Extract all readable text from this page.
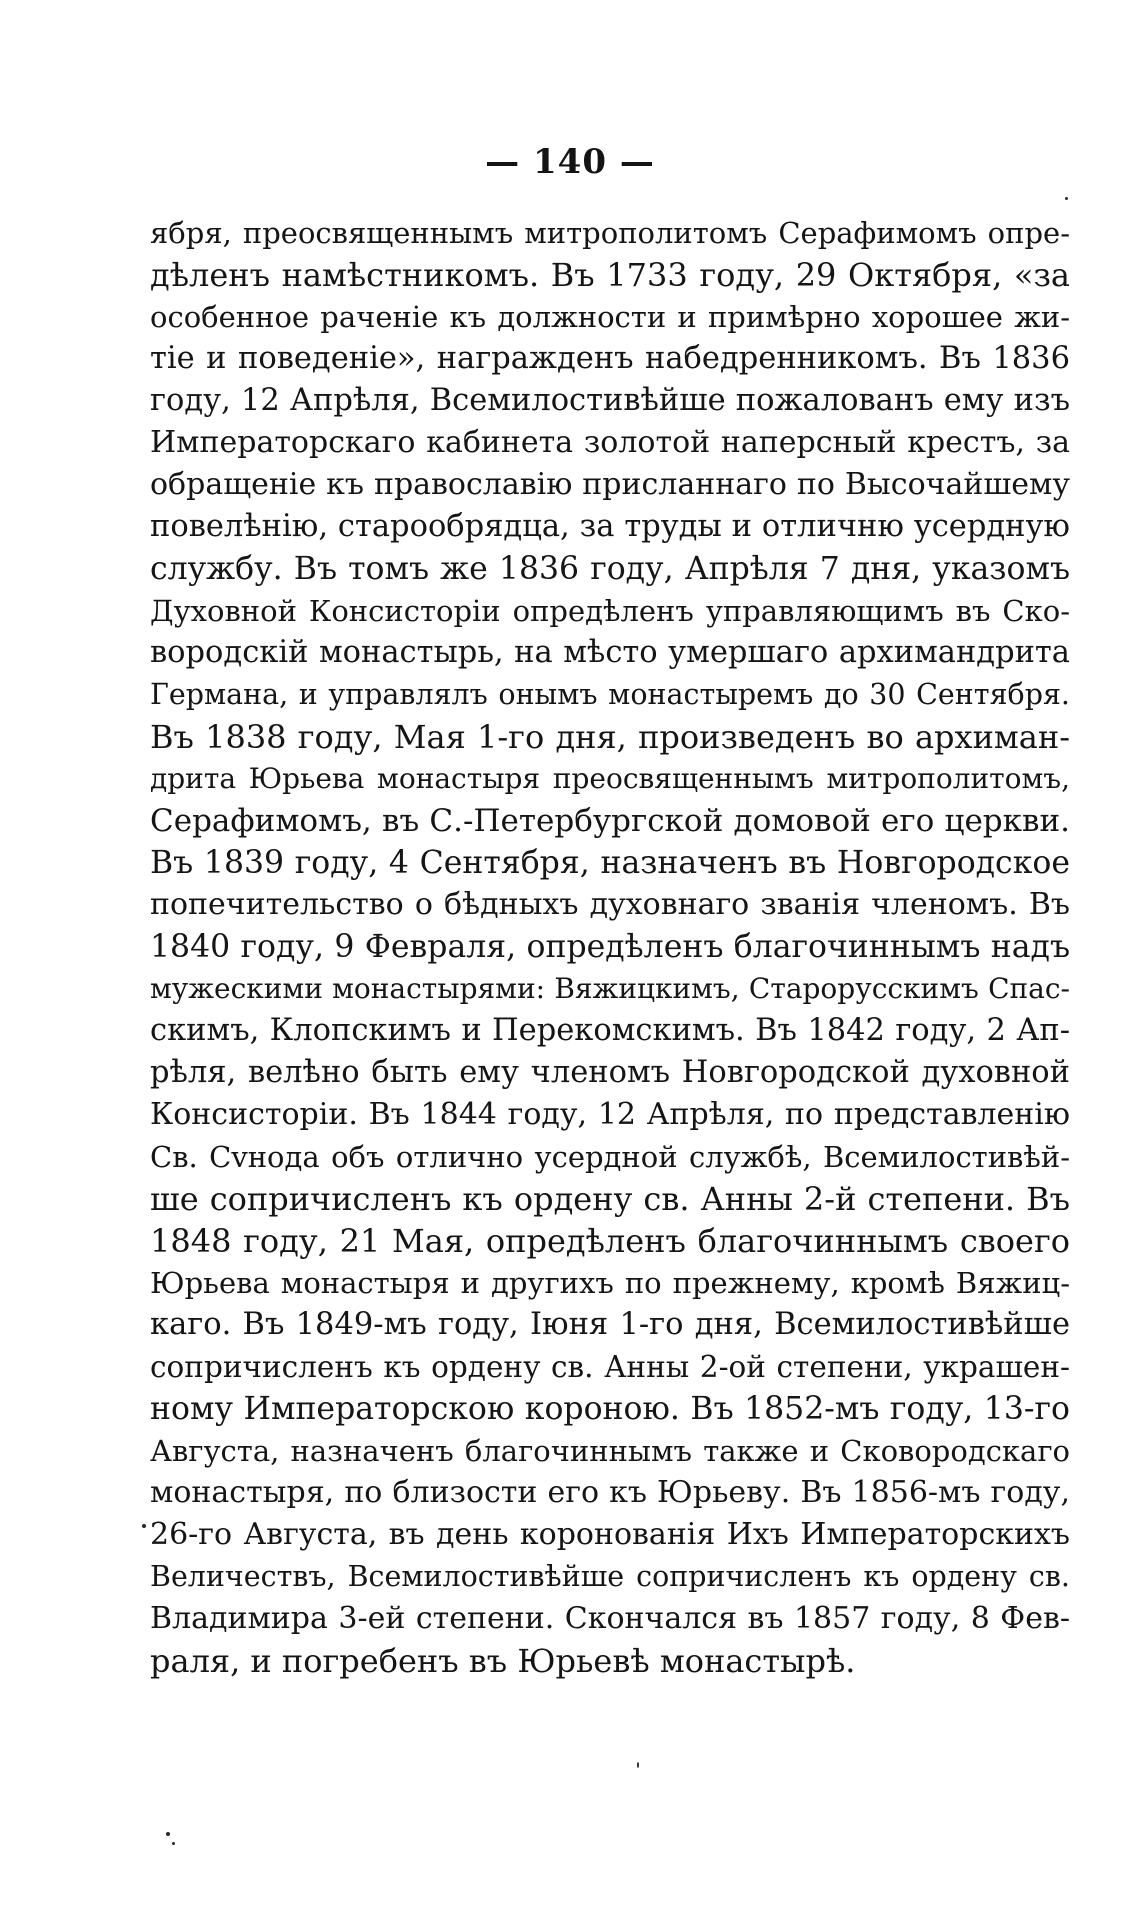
— 140 —
ября, преосвященнымъ митрополитомъ Серафимомъ опре-
дѣленъ намѣстникомъ. Въ 1733 году, 29 Октября, «за
особенное раченіе къ должности и примѣрно хорошее жи-
тіе и поведеніе», награжденъ набедренникомъ. Въ 1836
году, 12 Апрѣля, Всемилостивѣйше пожалованъ ему изъ
Императорскаго кабинета золотой наперсный крестъ, за
обращеніе къ православію присланнаго по Высочайшему
повелѣнію, старообрядца, за труды и отличню усердную
службу. Въ томъ же 1836 году, Апрѣля 7 дня, указомъ
Духовной Консисторіи опредѣленъ управляющимъ въ Ско-
вородскій монастырь, на мѣсто умершаго архимандрита
Германа, и управлялъ онымъ монастыремъ до 30 Сентября.
Въ 1838 году, Мая 1-го дня, произведенъ во архиман-
дрита Юрьева монастыря преосвященнымъ митрополитомъ,
Серафимомъ, въ С.-Петербургской домовой его церкви.
Въ 1839 году, 4 Сентября, назначенъ въ Новгородское
попечительство о бѣдныхъ духовнаго званія членомъ. Въ
1840 году, 9 Февраля, опредѣленъ благочиннымъ надъ
мужескими монастырями: Вяжицкимъ, Старорусскимъ Спас-
скимъ, Клопскимъ и Перекомскимъ. Въ 1842 году, 2 Ап-
рѣля, велѣно быть ему членомъ Новгородской духовной
Консисторіи. Въ 1844 году, 12 Апрѣля, по представленію
Св. Сvнода объ отлично усердной службѣ, Всемилостивѣй-
ше сопричисленъ къ ордену св. Анны 2-й степени. Въ
1848 году, 21 Мая, опредѣленъ благочиннымъ своего
Юрьева монастыря и другихъ по прежнему, кромѣ Вяжиц-
каго. Въ 1849-мъ году, Іюня 1-го дня, Всемилостивѣйше
сопричисленъ къ ордену св. Анны 2-ой степени, украшен-
ному Императорскою короною. Въ 1852-мъ году, 13-го
Августа, назначенъ благочиннымъ также и Сковородскаго
монастыря, по близости его къ Юрьеву. Въ 1856-мъ году,
26-го Августа, въ день коронованія Ихъ Императорскихъ
Величествъ, Всемилостивѣйше сопричисленъ къ ордену св.
Владимира 3-ей степени. Скончался въ 1857 году, 8 Фев-
раля, и погребенъ въ Юрьевѣ монастырѣ.
